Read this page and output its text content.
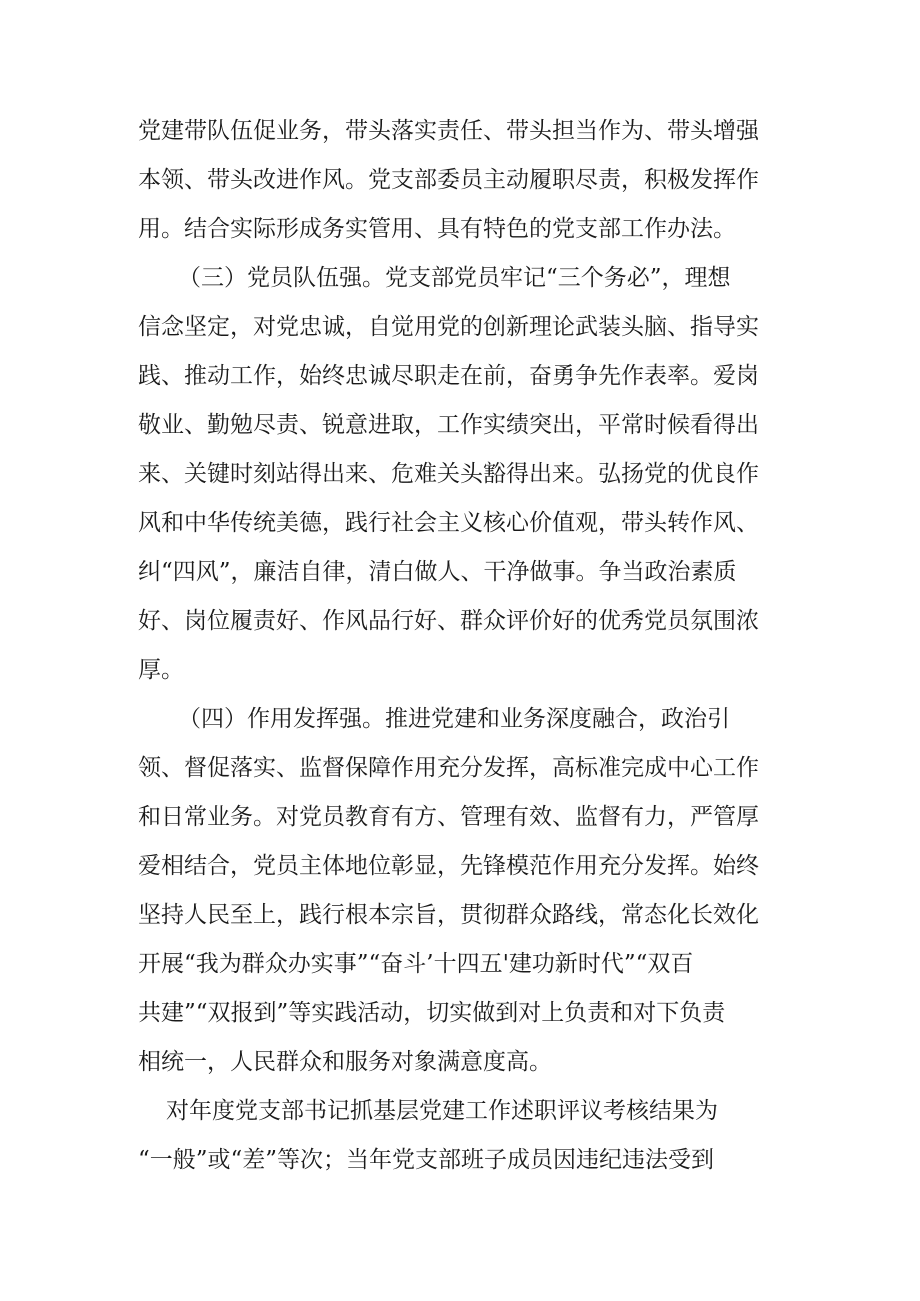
党建带队伍促业务，带头落实责任、带头担当作为、带头增强
本领、带头改进作风。党支部委员主动履职尽责，积极发挥作
用。结合实际形成务实管用、具有特色的党支部工作办法。
（三）党员队伍强。党支部党员牢记“三个务必”，理想
信念坚定，对党忠诚，自觉用党的创新理论武装头脑、指导实
践、推动工作，始终忠诚尽职走在前，奋勇争先作表率。爱岗
敬业、勤勉尽责、锐意进取，工作实绩突出，平常时候看得出
来、关键时刻站得出来、危难关头豁得出来。弘扬党的优良作
风和中华传统美德，践行社会主义核心价值观，带头转作风、
纠“四风”，廉洁自律，清白做人、干净做事。争当政治素质
好、岗位履责好、作风品行好、群众评价好的优秀党员氛围浓
厚。
（四）作用发挥强。推进党建和业务深度融合，政治引
领、督促落实、监督保障作用充分发挥，高标准完成中心工作
和日常业务。对党员教育有方、管理有效、监督有力，严管厚
爱相结合，党员主体地位彰显，先锋模范作用充分发挥。始终
坚持人民至上，践行根本宗旨，贯彻群众路线，常态化长效化
开展“我为群众办实事”“奋斗’十四五'建功新时代”“双百
共建”“双报到”等实践活动，切实做到对上负责和对下负责
相统一，人民群众和服务对象满意度高。
对年度党支部书记抓基层党建工作述职评议考核结果为
“一般”或“差”等次；当年党支部班子成员因违纪违法受到
